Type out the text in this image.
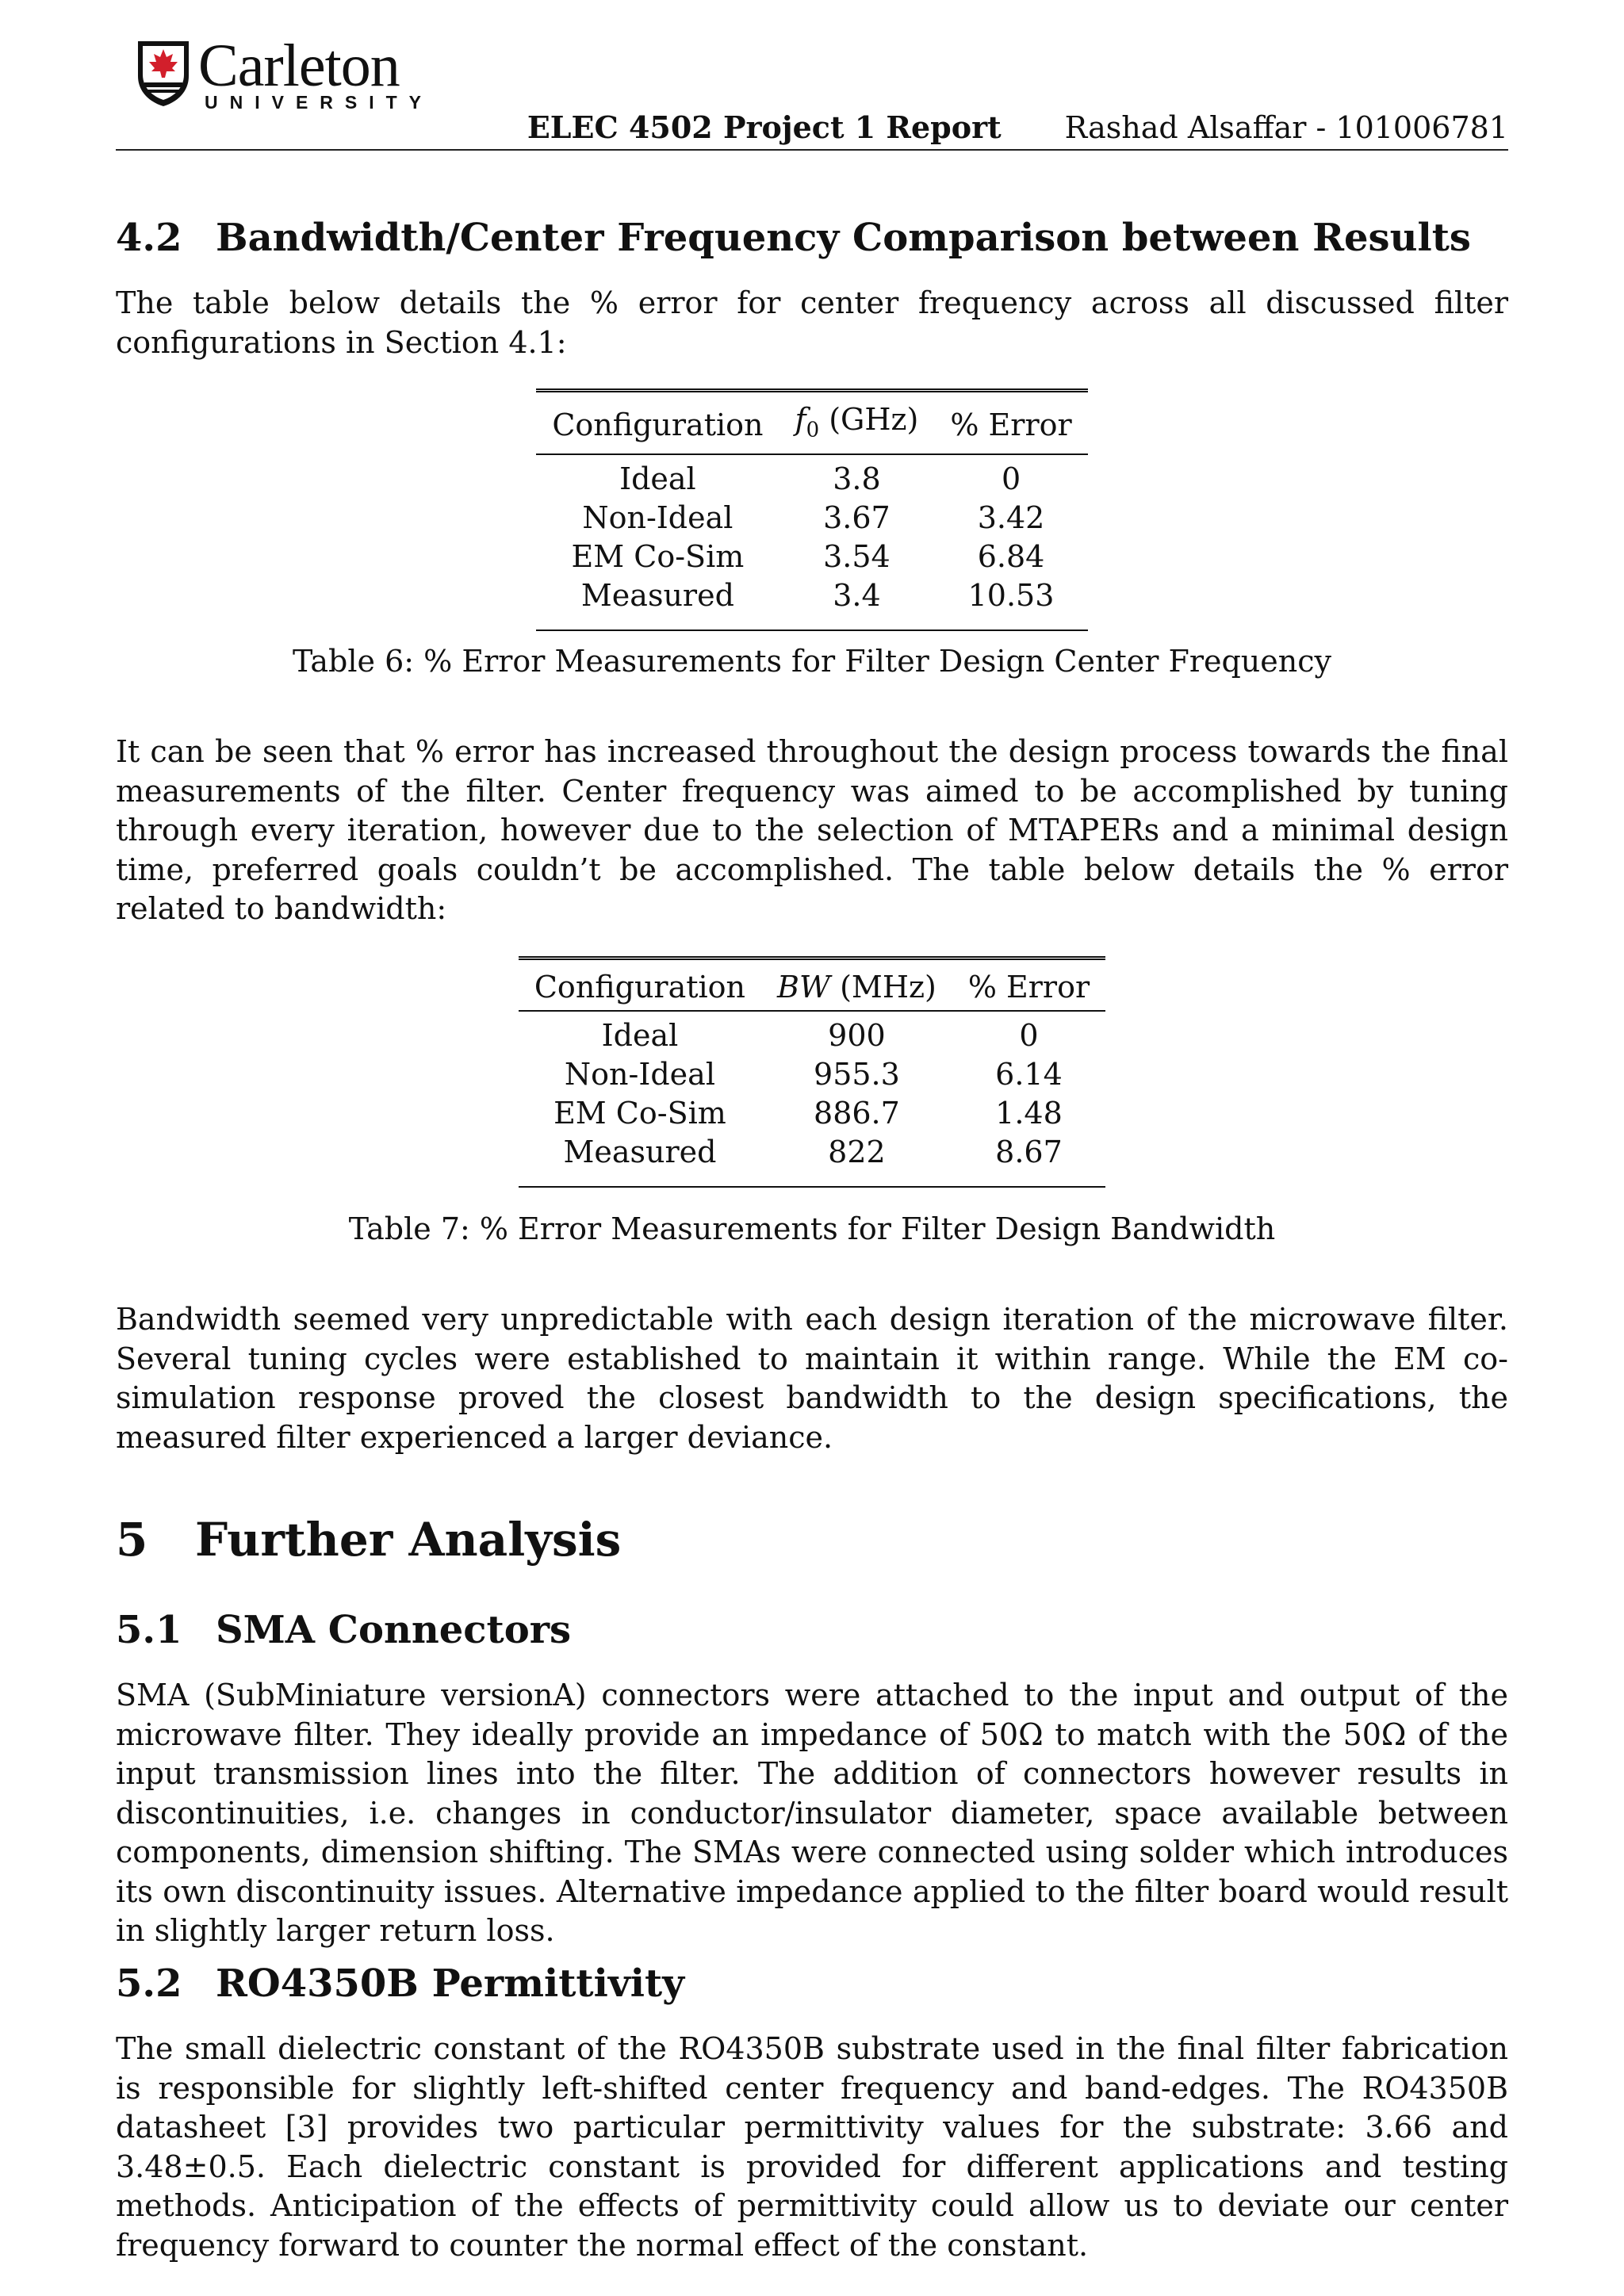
Carleton
UNIVERSITY
ELEC 4502 Project 1 Report Rashad Alsaffar - 101006781
4.2 Bandwidth/Center Frequency Comparison between Results

The table below details the % error for center frequency across all discussed filter configurations in Section 4.1:

Configuration	$f_0$ (GHz)	% Error
Ideal	3.8	0
Non-Ideal	3.67	3.42
EM Co-Sim	3.54	6.84
Measured	3.4	10.53
Table 6: % Error Measurements for Filter Design Center Frequency

It can be seen that % error has increased throughout the design process towards the final measurements of the filter. Center frequency was aimed to be accomplished by tuning through every iteration, however due to the selection of MTAPERs and a minimal design time, preferred goals couldn’t be accomplished. The table below details the % error related to bandwidth:

Configuration	BW (MHz)	% Error
Ideal	900	0
Non-Ideal	955.3	6.14
EM Co-Sim	886.7	1.48
Measured	822	8.67
Table 7: % Error Measurements for Filter Design Bandwidth

Bandwidth seemed very unpredictable with each design iteration of the microwave filter. Several tuning cycles were established to maintain it within range. While the EM co-simulation response proved the closest bandwidth to the design specifications, the measured filter experienced a larger deviance.

5 Further Analysis
5.1 SMA Connectors

SMA (SubMiniature versionA) connectors were attached to the input and output of the microwave filter. They ideally provide an impedance of 50Ω to match with the 50Ω of the input transmission lines into the filter. The addition of connectors however results in discontinuities, i.e. changes in conductor/insulator diameter, space available between components, dimension shifting. The SMAs were connected using solder which introduces its own discontinuity issues. Alternative impedance applied to the filter board would result in slightly larger return loss.

5.2 RO4350B Permittivity

The small dielectric constant of the RO4350B substrate used in the final filter fabrication is responsible for slightly left-shifted center frequency and band-edges. The RO4350B datasheet [3] provides two particular permittivity values for the substrate: 3.66 and 3.48±0.5. Each dielectric constant is provided for different applications and testing methods. Anticipation of the effects of permittivity could allow us to deviate our center frequency forward to counter the normal effect of the constant.
